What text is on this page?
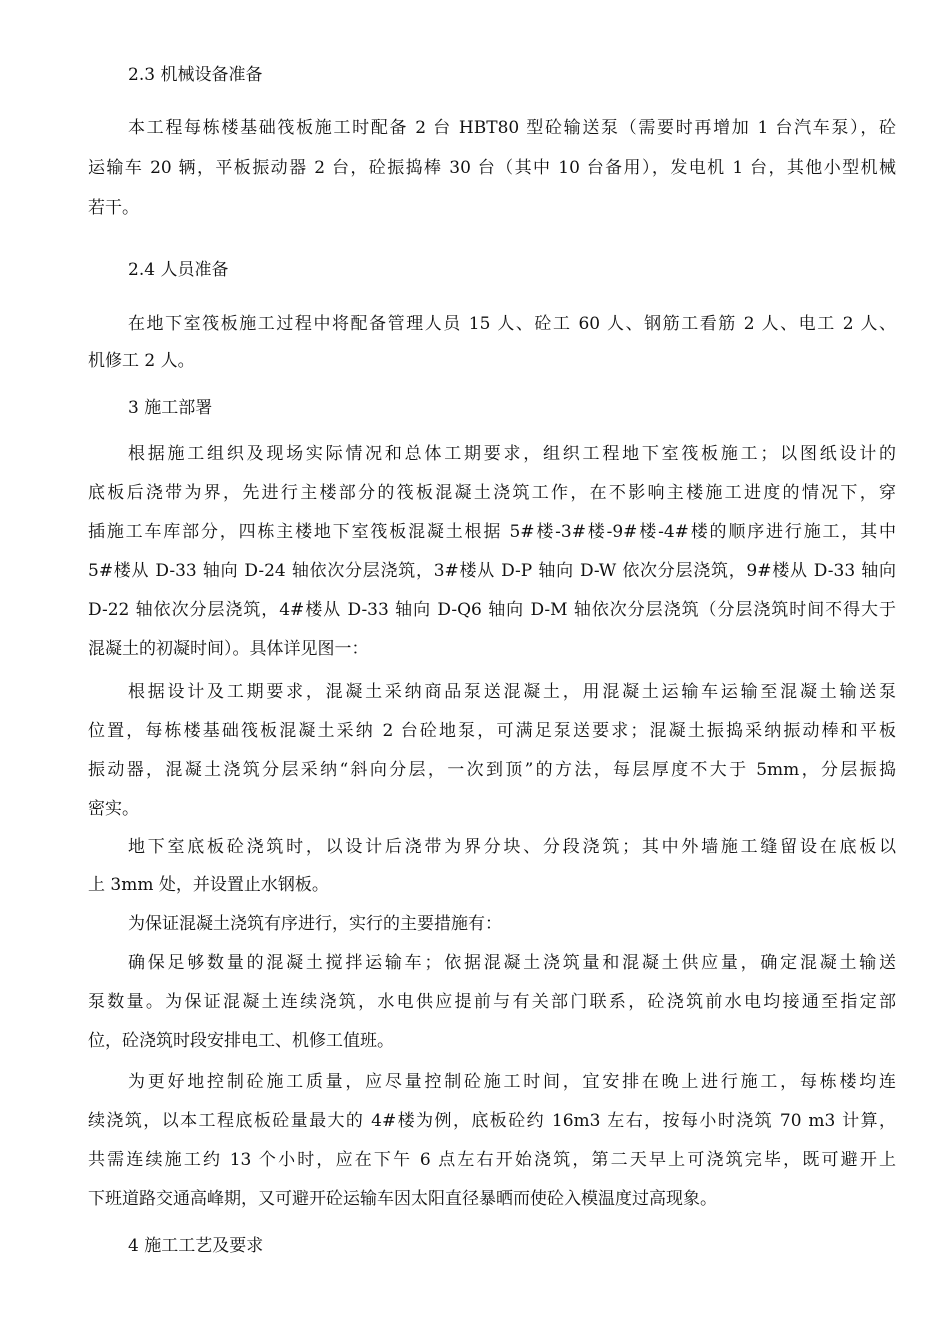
2.3 机械设备准备
本工程每栋楼基础筏板施工时配备 2 台 HBT80 型砼输送泵（需要时再增加 1 台汽车泵），砼
运输车 20 辆，平板振动器 2 台，砼振捣棒 30 台（其中 10 台备用），发电机 1 台，其他小型机械
若干。
2.4 人员准备
在地下室筏板施工过程中将配备管理人员 15 人、砼工 60 人、钢筋工看筋 2 人、电工 2 人、
机修工 2 人。
3 施工部署
根据施工组织及现场实际情况和总体工期要求，组织工程地下室筏板施工；以图纸设计的
底板后浇带为界，先进行主楼部分的筏板混凝土浇筑工作，在不影响主楼施工进度的情况下，穿
插施工车库部分，四栋主楼地下室筏板混凝土根据 5#楼-3#楼-9#楼-4#楼的顺序进行施工，其中
5#楼从 D-33 轴向 D-24 轴依次分层浇筑，3#楼从 D-P 轴向 D-W 依次分层浇筑，9#楼从 D-33 轴向
D-22 轴依次分层浇筑，4#楼从 D-33 轴向 D-Q6 轴向 D-M 轴依次分层浇筑（分层浇筑时间不得大于
混凝土的初凝时间）。具体详见图一：
根据设计及工期要求，混凝土采纳商品泵送混凝土，用混凝土运输车运输至混凝土输送泵
位置，每栋楼基础筏板混凝土采纳 2 台砼地泵，可满足泵送要求；混凝土振捣采纳振动棒和平板
振动器，混凝土浇筑分层采纳“斜向分层，一次到顶”的方法，每层厚度不大于 5mm，分层振捣
密实。
地下室底板砼浇筑时，以设计后浇带为界分块、分段浇筑；其中外墙施工缝留设在底板以
上 3mm 处，并设置止水钢板。
为保证混凝土浇筑有序进行，实行的主要措施有：
确保足够数量的混凝土搅拌运输车；依据混凝土浇筑量和混凝土供应量，确定混凝土输送
泵数量。为保证混凝土连续浇筑，水电供应提前与有关部门联系，砼浇筑前水电均接通至指定部
位，砼浇筑时段安排电工、机修工值班。
为更好地控制砼施工质量，应尽量控制砼施工时间，宜安排在晚上进行施工，每栋楼均连
续浇筑，以本工程底板砼量最大的 4#楼为例，底板砼约 16m3 左右，按每小时浇筑 70 m3 计算，
共需连续施工约 13 个小时，应在下午 6 点左右开始浇筑，第二天早上可浇筑完毕，既可避开上
下班道路交通高峰期，又可避开砼运输车因太阳直径暴晒而使砼入模温度过高现象。
4 施工工艺及要求
